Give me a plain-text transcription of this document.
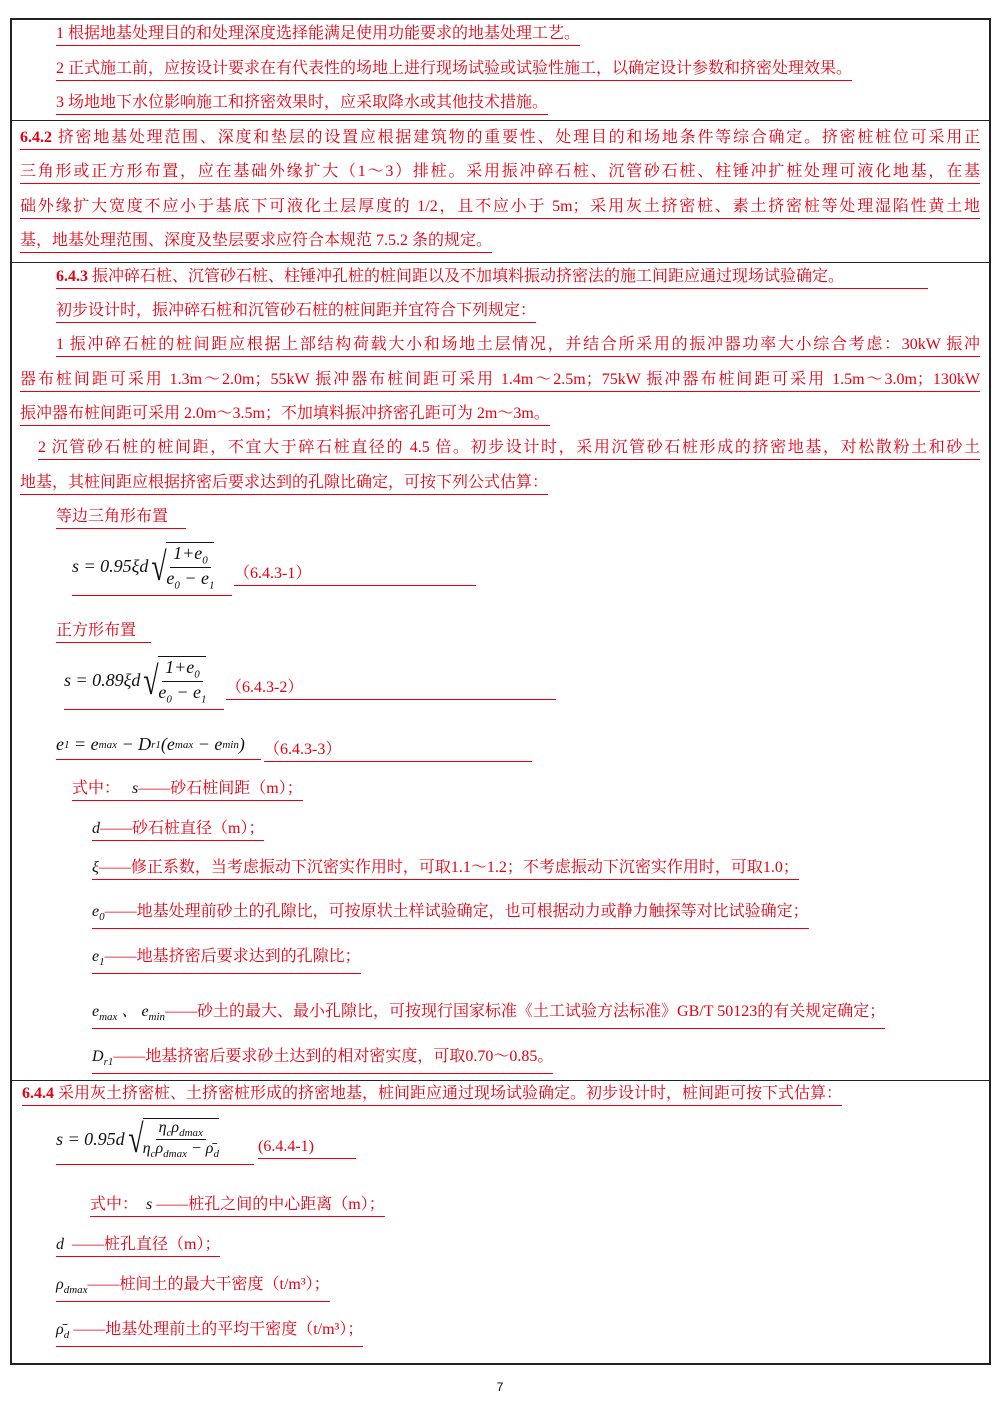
1 根据地基处理目的和处理深度选择能满足使用功能要求的地基处理工艺。
2 正式施工前，应按设计要求在有代表性的场地上进行现场试验或试验性施工，以确定设计参数和挤密处理效果。
3 场地地下水位影响施工和挤密效果时，应采取降水或其他技术措施。
6.4.2 挤密地基处理范围、深度和垫层的设置应根据建筑物的重要性、处理目的和场地条件等综合确定。挤密桩桩位可采用正
三角形或正方形布置，应在基础外缘扩大（1～3）排桩。采用振冲碎石桩、沉管砂石桩、柱锤冲扩桩处理可液化地基，在基
础外缘扩大宽度不应小于基底下可液化土层厚度的 1/2，且不应小于 5m；采用灰土挤密桩、素土挤密桩等处理湿陷性黄土地
基，地基处理范围、深度及垫层要求应符合本规范 7.5.2 条的规定。
6.4.3 振冲碎石桩、沉管砂石桩、柱锤冲孔桩的桩间距以及不加填料振动挤密法的施工间距应通过现场试验确定。
初步设计时，振冲碎石桩和沉管砂石桩的桩间距并宜符合下列规定：
1 振冲碎石桩的桩间距应根据上部结构荷载大小和场地土层情况，并结合所采用的振冲器功率大小综合考虑：30kW 振冲
器布桩间距可采用 1.3m～2.0m；55kW 振冲器布桩间距可采用 1.4m～2.5m；75kW 振冲器布桩间距可采用 1.5m～3.0m；130kW
振冲器布桩间距可采用 2.0m～3.5m；不加填料振冲挤密孔距可为 2m～3m。
2 沉管砂石桩的桩间距，不宜大于碎石桩直径的 4.5 倍。初步设计时，采用沉管砂石桩形成的挤密地基，对松散粉土和砂土
地基，其桩间距应根据挤密后要求达到的孔隙比确定，可按下列公式估算：
等边三角形布置
s = 0.95ξd √ $\frac{1+e_0}{e_0 - e_1} (6.4.3-1)$
正方形布置
s = 0.89ξd √ $\frac{1+e_0}{e_0 - e_1} (6.4.3-2)$
e 1 = e max − D r1 (e max − e min )	（6.4.3-3）
式中： s——砂石桩间距（m）；
d——砂石桩直径（m）；
ξ——修正系数，当考虑振动下沉密实作用时，可取1.1～1.2；不考虑振动下沉密实作用时，可取1.0；
$e_0——$地基处理前砂土的孔隙比，可按原状土样试验确定，也可根据动力或静力触探等对比试验确定；
$e_1——$地基挤密后要求达到的孔隙比；
$e_{max}$ 、 $e_{min}——$砂土的最大、最小孔隙比，可按现行国家标准《土工试验方法标准》GB/T 50123的有关规定确定；
$D_{r1}——$地基挤密后要求砂土达到的相对密实度，可取0.70～0.85。
6.4.4 采用灰土挤密桩、土挤密桩形成的挤密地基，桩间距应通过现场试验确定。初步设计时，桩间距可按下式估算：
s = 0.95d √ $\frac{\eta_c\rho_{dmax}}{\eta_c\rho_{dmax} - \rhō_d} (6.4.4-1)$
式中： s ——桩孔之间的中心距离（m）；
d ——桩孔直径（m）；
$\rho_{dmax}——$桩间土的最大干密度（t/m³）；
$\rhō_d$ ——地基处理前土的平均干密度（t/m³）；
7
